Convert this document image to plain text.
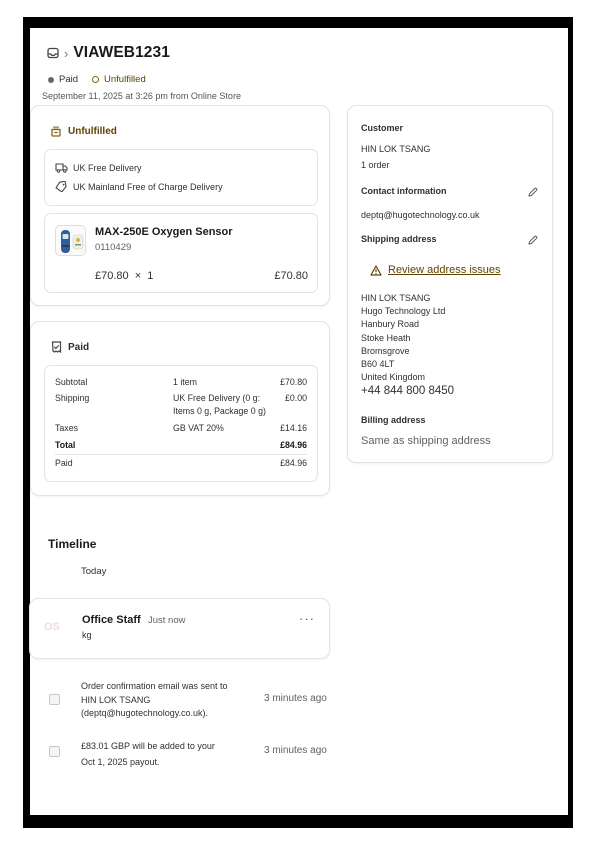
› VIAWEB1231
Paid	Unfulfilled
September 11, 2025 at 3:26 pm from Online Store
Unfulfilled
UK Free Delivery
UK Mainland Free of Charge Delivery
MAX-250E Oxygen Sensor
0110429
£70.80  ×  1	£70.80
Paid
Subtotal	1 item	£70.80
Shipping	UK Free Delivery (0 g:	£0.00
Items 0 g, Package 0 g)
Taxes	GB VAT 20%	£14.16
Total	£84.96
Paid	£84.96
Customer
HIN LOK TSANG
1 order
Contact information
deptq@hugotechnology.co.uk
Shipping address
Review address issues
HIN LOK TSANG
Hugo Technology Ltd
Hanbury Road
Stoke Heath
Bromsgrove
B60 4LT
United Kingdom
+44 844 800 8450
Billing address
Same as shipping address
Timeline
Today
OS
Office Staff Just now
kg
···
Order confirmation email was sent to
HIN LOK TSANG
(deptq@hugotechnology.co.uk).
3 minutes ago
£83.01 GBP will be added to your
Oct 1, 2025 payout.
3 minutes ago
